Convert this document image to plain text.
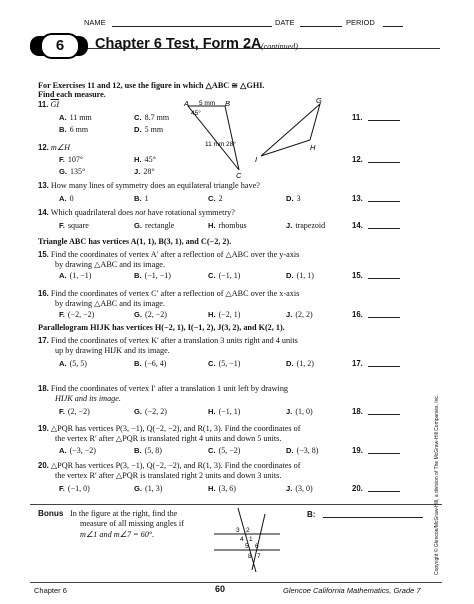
NAME	DATE	PERIOD
6	Chapter 6 Test, Form 2A (continued)
For Exercises 11 and 12, use the figure in which △ABC ≅ △GHI.
Find each measure.
11. $\overline{GI}$
A. 11 mm	C. 8.7 mm
B. 6 mm	D. 5 mm
11.
A	B
C
G
H
I
5 mm
45°
11 mm 28°
12. m∠H
F. 107°	H. 45°
G. 135°	J. 28°
12.
13. How many lines of symmetry does an equilateral triangle have?
A. 0	B. 1	C. 2	D. 3	13.
14. Which quadrilateral does not have rotational symmetry?
F. square	G. rectangle	H. rhombus	J. trapezoid	14.
Triangle ABC has vertices A(1, 1), B(3, 1), and C(−2, 2).
15. Find the coordinates of vertex A′ after a reflection of △ABC over the y-axis
by drawing △ABC and its image.
A. (1, −1)	B. (−1, −1)	C. (−1, 1)	D. (1, 1)	15.
16. Find the coordinates of vertex C′ after a reflection of △ABC over the x-axis
by drawing △ABC and its image.
F. (−2, −2)	G. (2, −2)	H. (−2, 1)	J. (2, 2)	16.
Parallelogram HIJK has vertices H(−2, 1), I(−1, 2), J(3, 2), and K(2, 1).
17. Find the coordinates of vertex K′ after a translation 3 units right and 4 units
up by drawing HIJK and its image.
A. (5, 5)	B. (−6, 4)	C. (5, −1)	D. (1, 2)	17.
18. Find the coordinates of vertex I′ after a translation 1 unit left by drawing
HIJK and its image.
F. (2, −2)	G. (−2, 2)	H. (−1, 1)	J. (1, 0)	18.
19. △PQR has vertices P(3, −1), Q(−2, −2), and R(1, 3). Find the coordinates of
the vertex R′ after △PQR is translated right 4 units and down 5 units.
A. (−3, −2)	B. (5, 8)	C. (5, −2)	D. (−3, 8)	19.
20. △PQR has vertices P(3, −1), Q(−2, −2), and R(1, 3). Find the coordinates of
the vertex R′ after △PQR is translated right 2 units and down 3 units.
F. (−1, 0)	G. (1, 3)	H. (3, 6)	J. (3, 0)	20.
Bonus In the figure at the right, find the
measure of all missing angles if
m∠1 and m∠7 = 60°.
B:
3 2
4 1
5 6
8 7	Copyright © Glencoe/McGraw-Hill, a division of The McGraw-Hill Companies, Inc.
Chapter 6	60	Glencoe California Mathematics, Grade 7
